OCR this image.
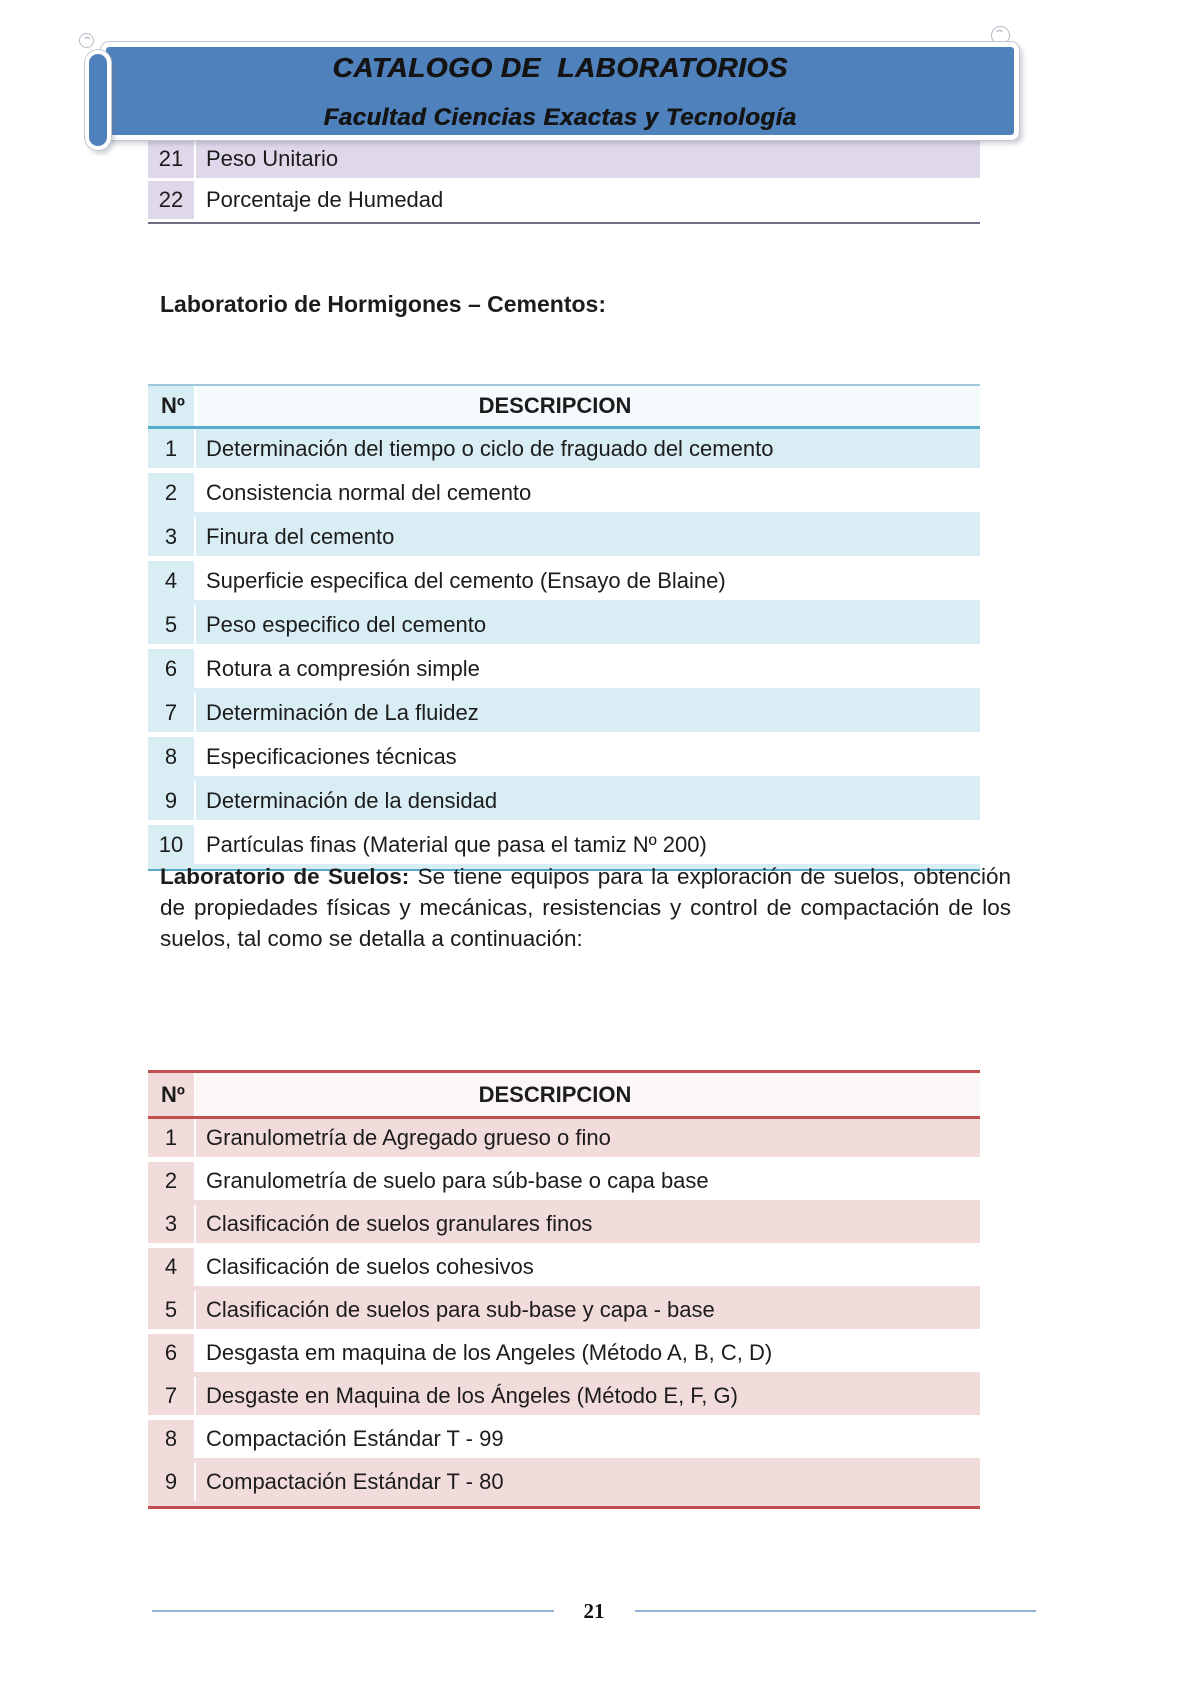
CATALOGO DE  LABORATORIOS
Facultad Ciencias Exactas y Tecnología
21	Peso Unitario
22	Porcentaje de Humedad
Laboratorio de Hormigones – Cementos:
Nº	DESCRIPCION
1	Determinación del tiempo o ciclo de fraguado del cemento
2	Consistencia normal del cemento
3	Finura del cemento
4	Superficie especifica del cemento (Ensayo de Blaine)
5	Peso especifico del cemento
6	Rotura a compresión simple
7	Determinación de La fluidez
8	Especificaciones técnicas
9	Determinación de la densidad
10	Partículas finas (Material que pasa el tamiz Nº 200)
Laboratorio de Suelos: Se tiene equipos para la exploración de suelos, obtención de propiedades físicas y mecánicas, resistencias y control de compactación de los suelos, tal como se detalla a continuación:
Nº	DESCRIPCION
1	Granulometría de Agregado grueso o fino
2	Granulometría de suelo para súb-base o capa base
3	Clasificación de suelos granulares finos
4	Clasificación de suelos cohesivos
5	Clasificación de suelos para sub-base y capa - base
6	Desgasta em maquina de los Angeles (Método A, B, C, D)
7	Desgaste en Maquina de los Ángeles (Método E, F, G)
8	Compactación Estándar T - 99
9	Compactación Estándar T - 80
21
